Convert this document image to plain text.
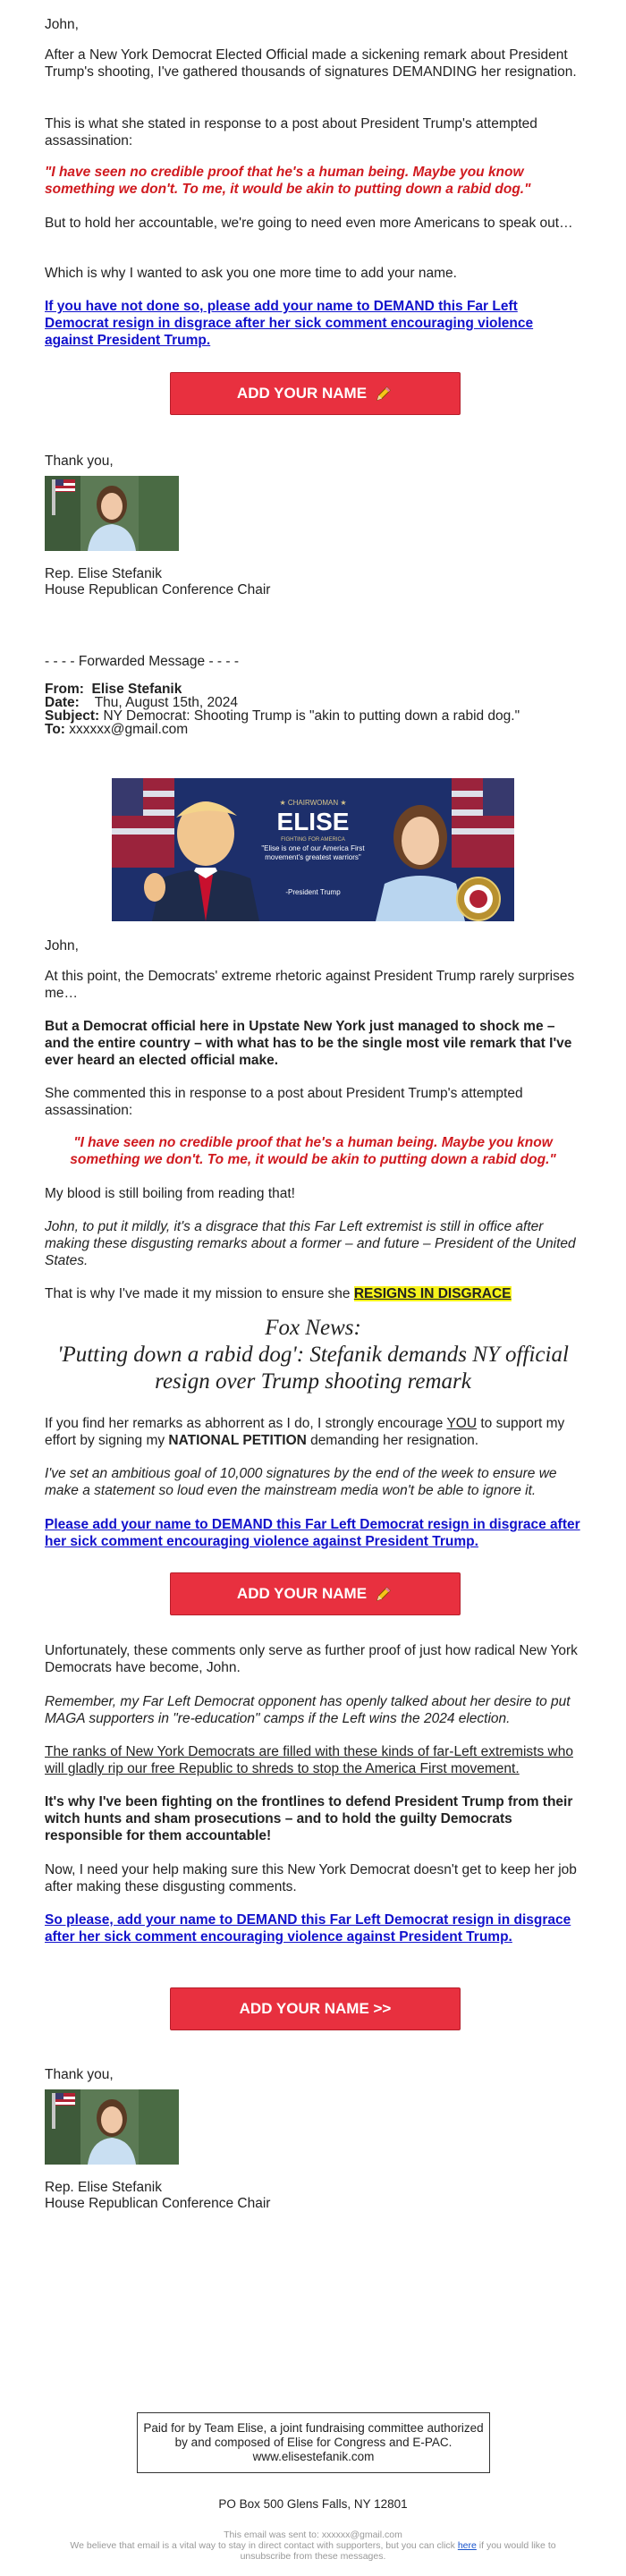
John,

After a New York Democrat Elected Official made a sickening remark about President Trump's shooting, I've gathered thousands of signatures DEMANDING her resignation.

This is what she stated in response to a post about President Trump's attempted assassination:

"I have seen no credible proof that he's a human being. Maybe you know something we don't. To me, it would be akin to putting down a rabid dog."

But to hold her accountable, we're going to need even more Americans to speak out…

Which is why I wanted to ask you one more time to add your name.

If you have not done so, please add your name to DEMAND this Far Left Democrat resign in disgrace after her sick comment encouraging violence against President Trump.

ADD YOUR NAME

Thank you,

Rep. Elise Stefanik

House Republican Conference Chair

- - - - Forwarded Message - - - -

From: Elise Stefanik
Date: Thu, August 15th, 2024
Subject: NY Democrat: Shooting Trump is "akin to putting down a rabid dog."
To: xxxxxx@gmail.com
★ CHAIRWOMAN ★
ELISE
FIGHTING FOR AMERICA
"Elise is one of our America First movement's greatest warriors"
-President Trump

John,

At this point, the Democrats' extreme rhetoric against President Trump rarely surprises me…

But a Democrat official here in Upstate New York just managed to shock me – and the entire country – with what has to be the single most vile remark that I've ever heard an elected official make.

She commented this in response to a post about President Trump's attempted assassination:

"I have seen no credible proof that he's a human being. Maybe you know something we don't. To me, it would be akin to putting down a rabid dog."

My blood is still boiling from reading that!

John, to put it mildly, it's a disgrace that this Far Left extremist is still in office after making these disgusting remarks about a former – and future – President of the United States.

That is why I've made it my mission to ensure she RESIGNS IN DISGRACE

Fox News:
'Putting down a rabid dog': Stefanik demands NY official resign over Trump shooting remark

If you find her remarks as abhorrent as I do, I strongly encourage YOU to support my effort by signing my NATIONAL PETITION demanding her resignation.

I've set an ambitious goal of 10,000 signatures by the end of the week to ensure we make a statement so loud even the mainstream media won't be able to ignore it.

Please add your name to DEMAND this Far Left Democrat resign in disgrace after her sick comment encouraging violence against President Trump.

ADD YOUR NAME

Unfortunately, these comments only serve as further proof of just how radical New York Democrats have become, John.

Remember, my Far Left Democrat opponent has openly talked about her desire to put MAGA supporters in "re-education" camps if the Left wins the 2024 election.

The ranks of New York Democrats are filled with these kinds of far-Left extremists who will gladly rip our free Republic to shreds to stop the America First movement.

It's why I've been fighting on the frontlines to defend President Trump from their witch hunts and sham prosecutions – and to hold the guilty Democrats responsible for them accountable!

Now, I need your help making sure this New York Democrat doesn't get to keep her job after making these disgusting comments.

So please, add your name to DEMAND this Far Left Democrat resign in disgrace after her sick comment encouraging violence against President Trump.

ADD YOUR NAME >>

Thank you,

Rep. Elise Stefanik

House Republican Conference Chair

Paid for by Team Elise, a joint fundraising committee authorized by and composed of Elise for Congress and E-PAC. www.elisestefanik.com

PO Box 500 Glens Falls, NY 12801

This email was sent to: xxxxxx@gmail.com
We believe that email is a vital way to stay in direct contact with supporters, but you can click here if you would like to unsubscribe from these messages.
